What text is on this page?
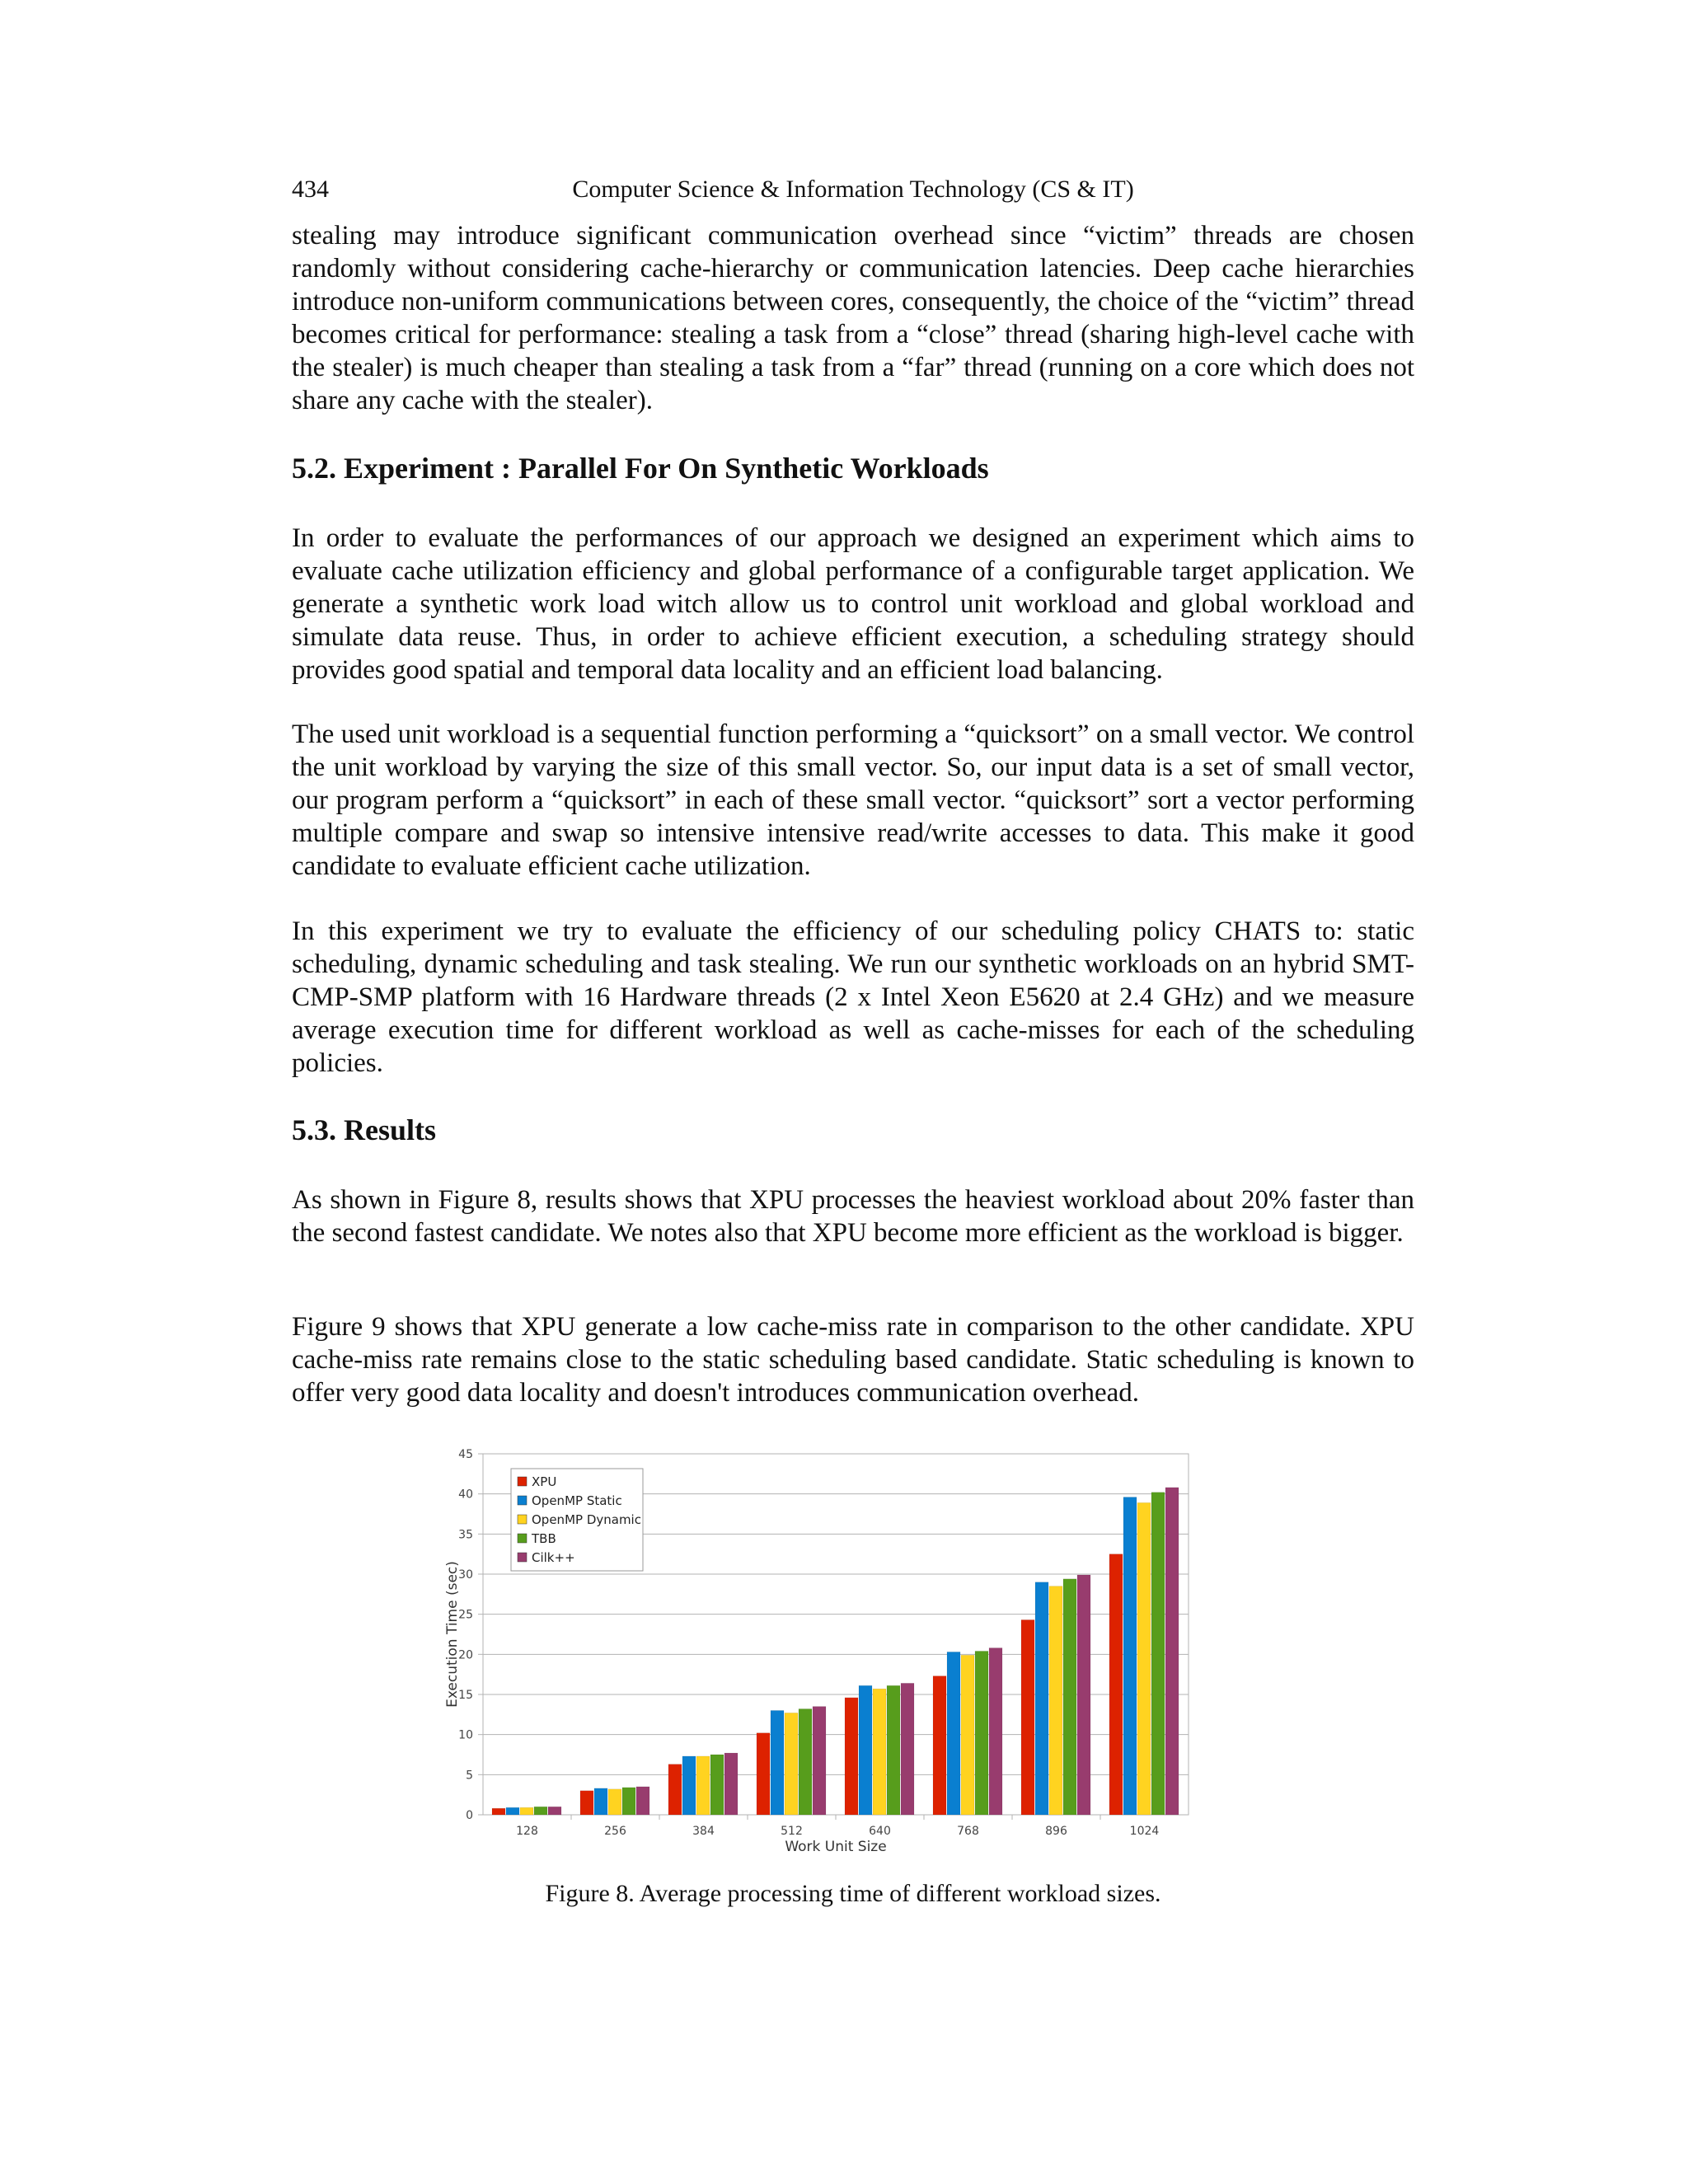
434	Computer Science & Information Technology (CS & IT)

stealing may introduce significant communication overhead since “victim” threads are chosen randomly without considering cache-hierarchy or communication latencies. Deep cache hierarchies introduce non-uniform communications between cores, consequently, the choice of the “victim” thread becomes critical for performance: stealing a task from a “close” thread (sharing high-level cache with the stealer) is much cheaper than stealing a task from a “far” thread (running on a core which does not share any cache with the stealer).

5.2. Experiment : Parallel For On Synthetic Workloads

In order to evaluate the performances of our approach we designed an experiment which aims to evaluate cache utilization efficiency and global performance of a configurable target application. We generate a synthetic work load witch allow us to control unit workload and global workload and simulate data reuse. Thus, in order to achieve efficient execution, a scheduling strategy should provides good spatial and temporal data locality and an efficient load balancing.

The used unit workload is a sequential function performing a “quicksort” on a small vector. We control the unit workload by varying the size of this small vector. So, our input data is a set of small vector, our program perform a “quicksort” in each of these small vector. “quicksort” sort a vector performing multiple compare and swap so intensive intensive read/write accesses to data. This make it good candidate to evaluate efficient cache utilization.

In this experiment we try to evaluate the efficiency of our scheduling policy CHATS to: static scheduling, dynamic scheduling and task stealing. We run our synthetic workloads on an hybrid SMT-CMP-SMP platform with 16 Hardware threads (2 x Intel Xeon E5620 at 2.4 GHz) and we measure average execution time for different workload as well as cache-misses for each of the scheduling policies.

5.3. Results

As shown in Figure 8, results shows that XPU processes the heaviest workload about 20% faster than the second fastest candidate. We notes also that XPU become more efficient as the workload is bigger.

Figure 9 shows that XPU generate a low cache-miss rate in comparison to the other candidate. XPU cache-miss rate remains close to the static scheduling based candidate. Static scheduling is known to offer very good data locality and doesn't introduces communication overhead.

0
5
10
15
20
25
30
35
40
45
128	256	384	512	640	768	896	1024
XPU
OpenMP Static
OpenMP Dynamic
TBB
Cilk++
Execution Time (sec)
Work Unit Size
Figure 8. Average processing time of different workload sizes.
